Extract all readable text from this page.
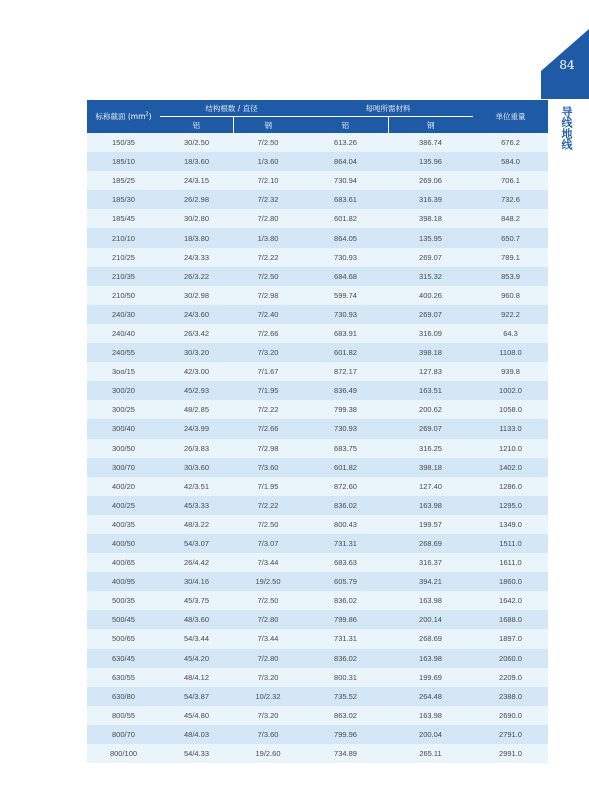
84
导线地线
标称截面 $(mm^2)$	结构根数 / 直径		每吨所需材料		单位重量
	铝	钢	铝	钢	
150/35	30/2.50	7/2.50	613.26	386.74	676.2
185/10	18/3.60	1/3.60	864.04	135.96	584.0
185/25	24/3.15	7/2.10	730.94	269.06	706.1
185/30	26/2.98	7/2.32	683.61	316.39	732.6
185/45	30/2.80	7/2.80	601.82	398.18	848.2
210/10	18/3.80	1/3.80	864.05	135.95	650.7
210/25	24/3.33	7/2.22	730.93	269.07	789.1
210/35	26/3.22	7/2.50	684.68	315.32	853.9
210/50	30/2.98	7/2.98	599.74	400.26	960.8
240/30	24/3.60	7/2.40	730.93	269.07	922.2
240/40	26/3.42	7/2.66	683.91	316.09	64.3
240/55	30/3.20	7/3.20	601.82	398.18	1108.0
3oo/15	42/3.00	7/1.67	872.17	127.83	939.8
300/20	45/2.93	7/1.95	836.49	163.51	1002.0
300/25	48/2.85	7/2.22	799.38	200.62	1058.0
300/40	24/3.99	7/2.66	730.93	269.07	1133.0
300/50	26/3.83	7/2.98	683.75	316.25	1210.0
300/70	30/3.60	7/3.60	601.82	398.18	1402.0
400/20	42/3.51	7/1.95	872.60	127.40	1286.0
400/25	45/3.33	7/2.22	836.02	163.98	1295.0
400/35	48/3.22	7/2.50	800.43	199.57	1349.0
400/50	54/3.07	7/3.07	731.31	268.69	1511.0
400/65	26/4.42	7/3.44	683.63	316.37	1611.0
400/95	30/4.16	19/2.50	605.79	394.21	1860.0
500/35	45/3.75	7/2.50	836.02	163.98	1642.0
500/45	48/3.60	7/2.80	799.86	200.14	1688.0
500/65	54/3.44	7/3.44	731.31	268.69	1897.0
630/45	45/4.20	7/2.80	836.02	163.98	2060.0
630/55	48/4.12	7/3.20	800.31	199.69	2209.0
630/80	54/3.87	10/2.32	735.52	264.48	2388.0
800/55	45/4.80	7/3.20	863.02	163.98	2690.0
800/70	48/4.03	7/3.60	799.96	200.04	2791.0
800/100	54/4.33	19/2.60	734.89	265.11	2991.0
